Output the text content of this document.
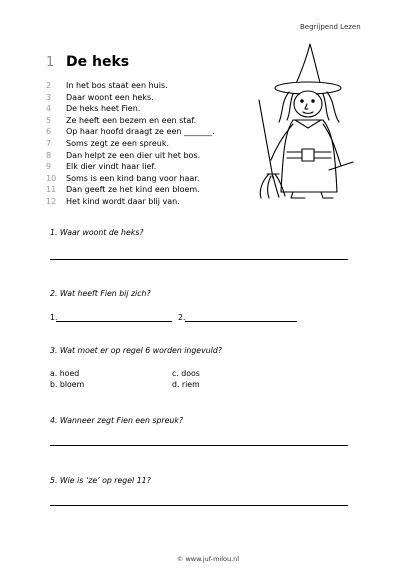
Begrijpend Lezen
1 De heks
2 In het bos staat een huis.
3 Daar woont een heks.
4 De heks heet Fien.
5 Ze heeft een bezem en een staf.
6 Op haar hoofd draagt ze een _______.
7 Soms zegt ze een spreuk.
8 Dan helpt ze een dier uit het bos.
9 Elk dier vindt haar lief.
10 Soms is een kind bang voor haar.
11 Dan geeft ze het kind een bloem.
12 Het kind wordt daar blij van.
1. Waar woont de heks?
2. Wat heeft Fien bij zich?
1.	2.
3. Wat moet er op regel 6 worden ingevuld?
a. hoed
b. bloem
c. doos
d. riem
4. Wanneer zegt Fien een spreuk?
5. Wie is ‘ze’ op regel 11?
© www.juf-milou.nl
